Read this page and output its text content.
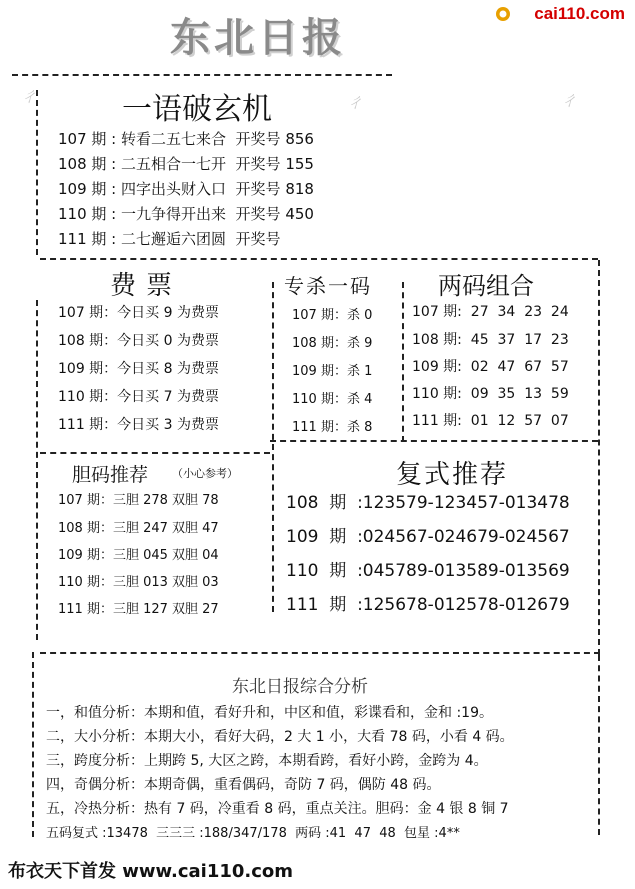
东北日报
cai110.com
ㄔ	ㄔ	ㄔ
一语破玄机
107 期 : 转看二五七来合 开奖号 856
108 期 : 二五相合一七开 开奖号 155
109 期 : 四字出头财入口 开奖号 818
110 期 : 一九争得开出来 开奖号 450
111 期 : 二七邂逅六团圆 开奖号
费票
107 期：今日买 9 为费票
108 期：今日买 0 为费票
109 期：今日买 8 为费票
110 期：今日买 7 为费票
111 期：今日买 3 为费票
专杀一码
107 期：杀 0
108 期：杀 9
109 期：杀 1
110 期：杀 4
111 期：杀 8
两码组合
107 期:  27  34  23  24
108 期:  45  37  17  23
109 期:  02  47  67  57
110 期:  09  35  13  59
111 期:  01  12  57  07
胆码推荐 （小心参考）
107 期：三胆 278 双胆 78
108 期：三胆 247 双胆 47
109 期：三胆 045 双胆 04
110 期：三胆 013 双胆 03
111 期：三胆 127 双胆 27
复式推荐
108  期  :123579-123457-013478
109  期  :024567-024679-024567
110  期  :045789-013589-013569
111  期  :125678-012578-012679
东北日报综合分析
一，和值分析：本期和值，看好升和，中区和值，彩谍看和，金和 :19。
二，大小分析：本期大小，看好大码，2 大 1 小，大看 78 码，小看 4 码。
三，跨度分析：上期跨 5, 大区之跨，本期看跨，看好小跨，金跨为 4。
四，奇偶分析：本期奇偶，重看偶码，奇防 7 码，偶防 48 码。
五，冷热分析：热有 7 码，冷重看 8 码，重点关注。胆码：金 4 银 8 铜 7
五码复式 :13478  三三三 :188/347/178  两码 :41  47  48  包星 :4**
布衣天下首发 www.cai110.com
